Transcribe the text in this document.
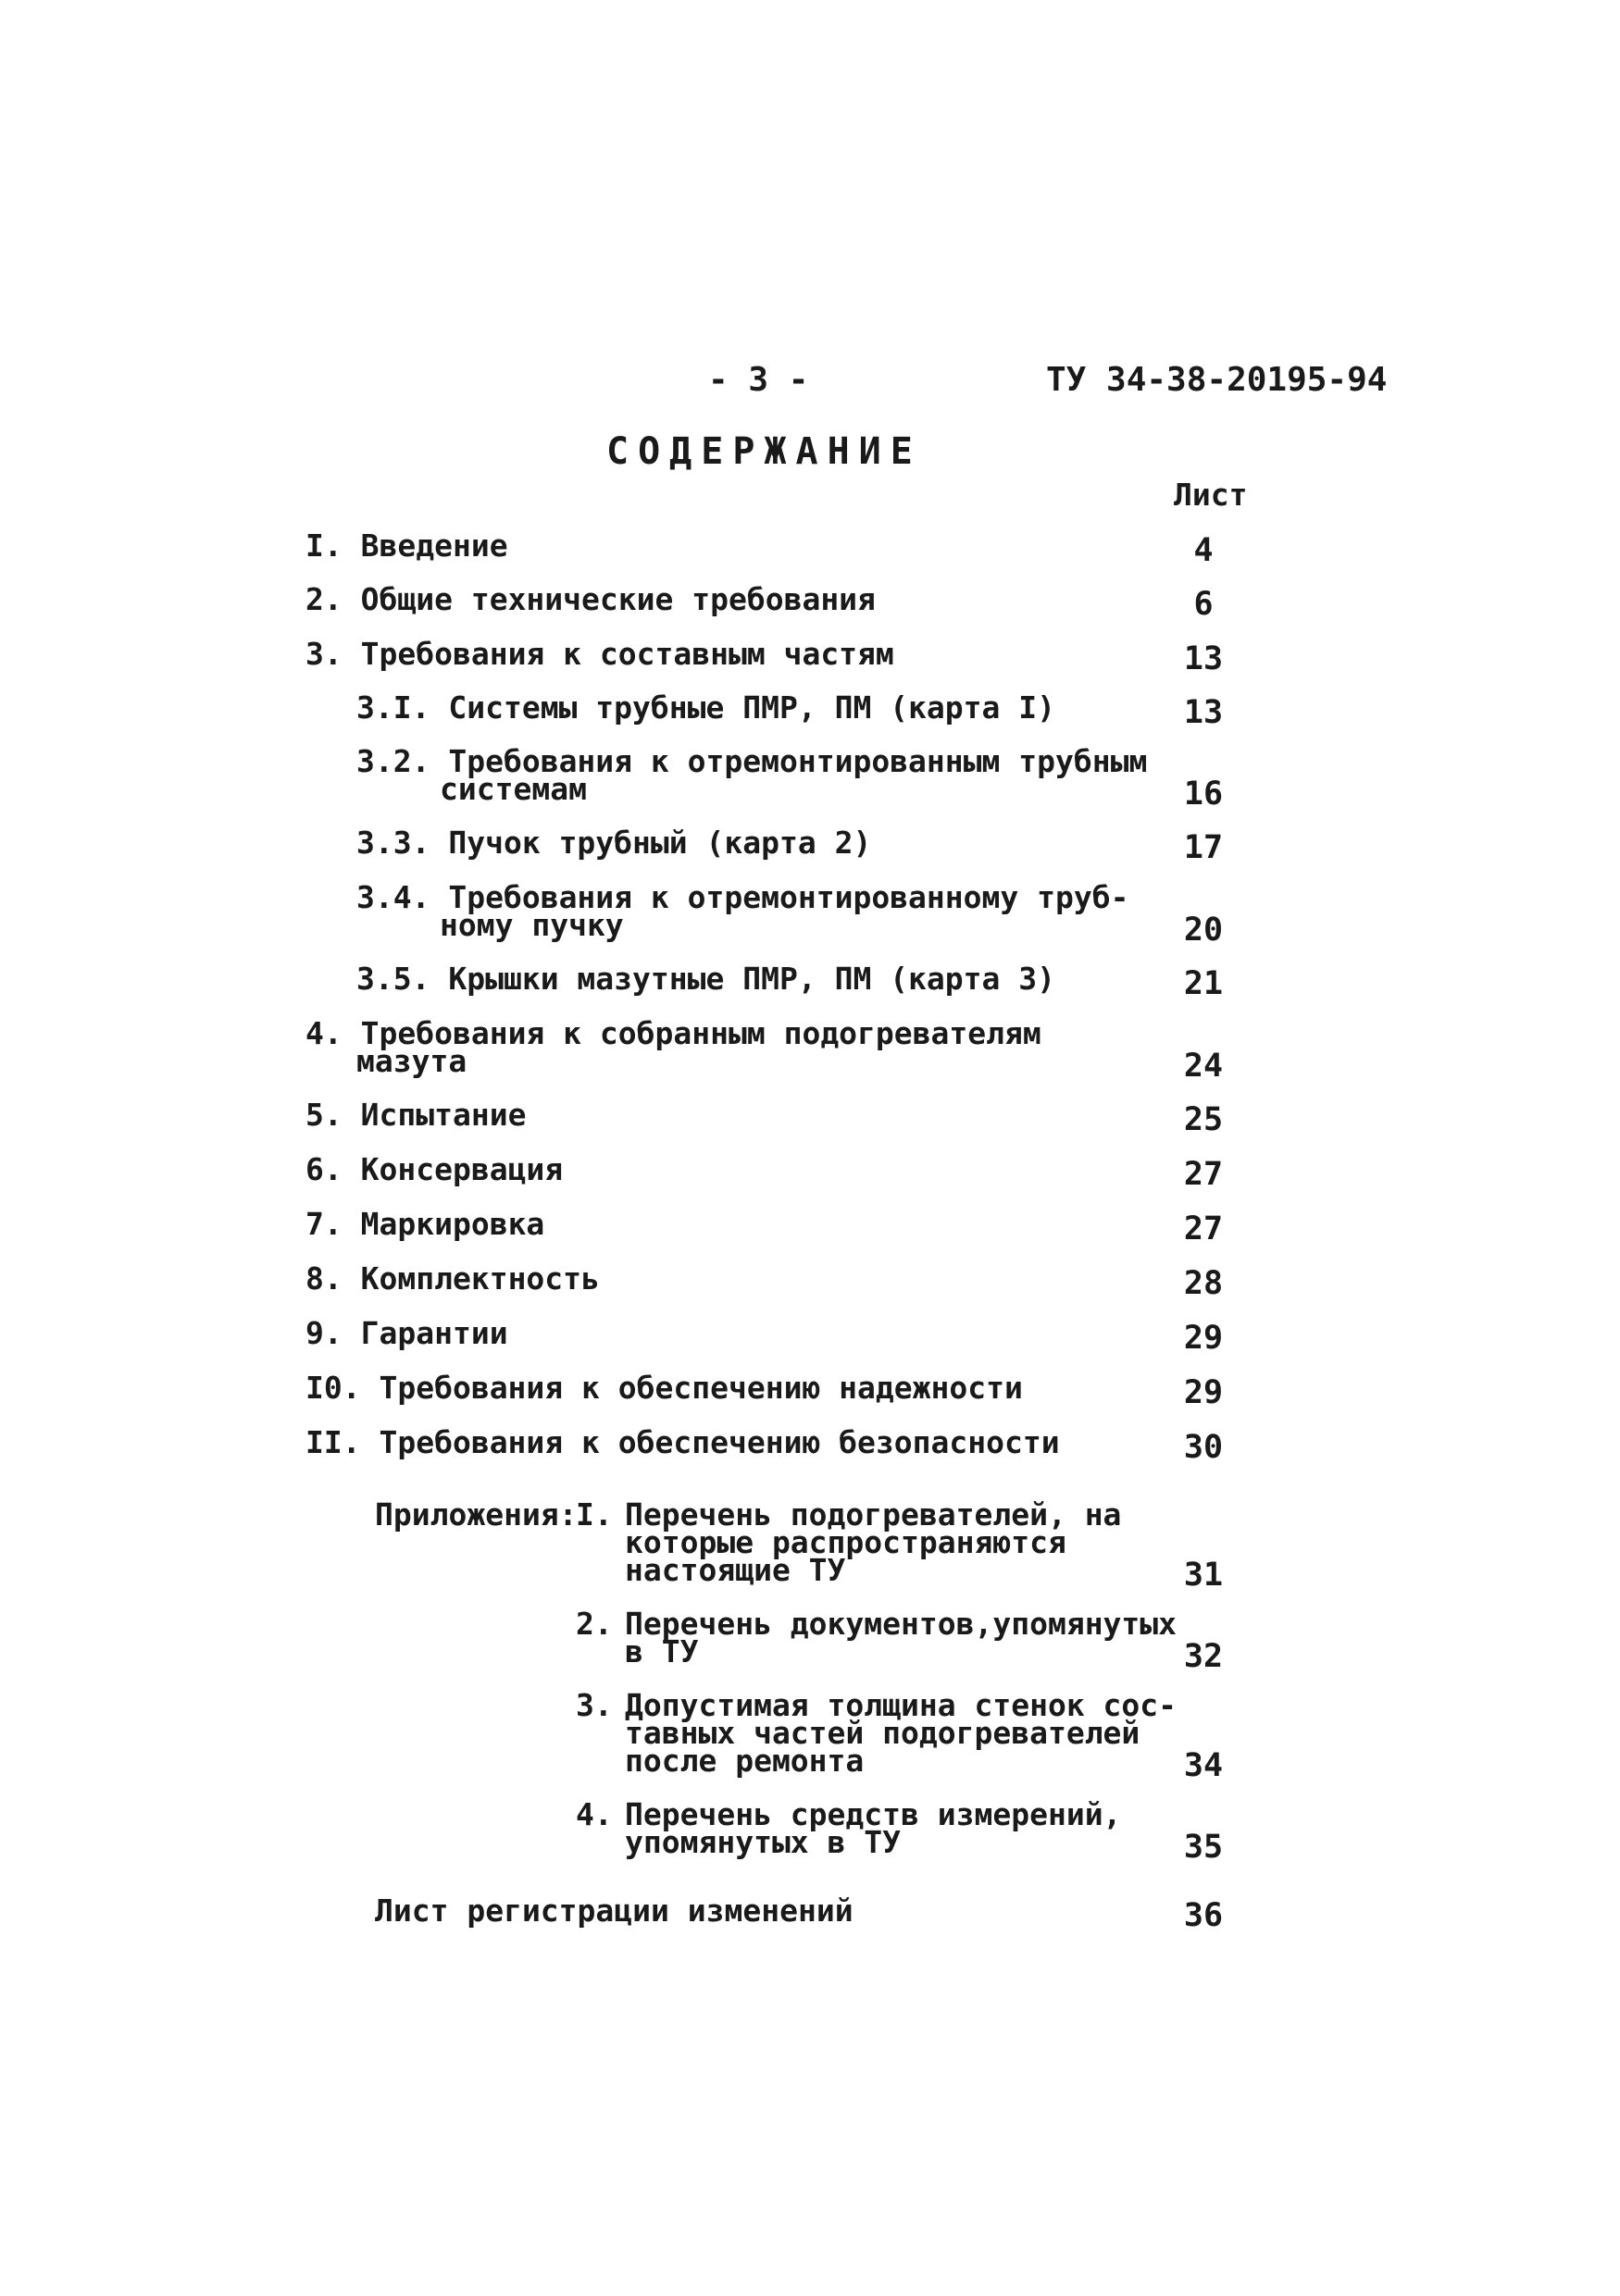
- 3 -	ТУ 34-38-20195-94
СОДЕРЖАНИЕ
Лист
I. Введение	4
2. Общие технические требования	6
3. Требования к составным частям	13
3.I. Системы трубные ПМР, ПМ (карта I)	13
3.2. Требования к отремонтированным трубным
системам	16
3.3. Пучок трубный (карта 2)	17
3.4. Требования к отремонтированному труб-
ному пучку	20
3.5. Крышки мазутные ПМР, ПМ (карта 3)	21
4. Требования к собранным подогревателям
мазута	24
5. Испытание	25
6. Консервация	27
7. Маркировка	27
8. Комплектность	28
9. Гарантии	29
I0. Требования к обеспечению надежности	29
II. Требования к обеспечению безопасности	30
Приложения:
I. Перечень подогревателей, на
которые распространяются
настоящие ТУ	31
2. Перечень документов,упомянутых
в ТУ	32
3. Допустимая толщина стенок сос-
тавных частей подогревателей
после ремонта	34
4. Перечень средств измерений,
упомянутых в ТУ	35
Лист регистрации изменений	36
